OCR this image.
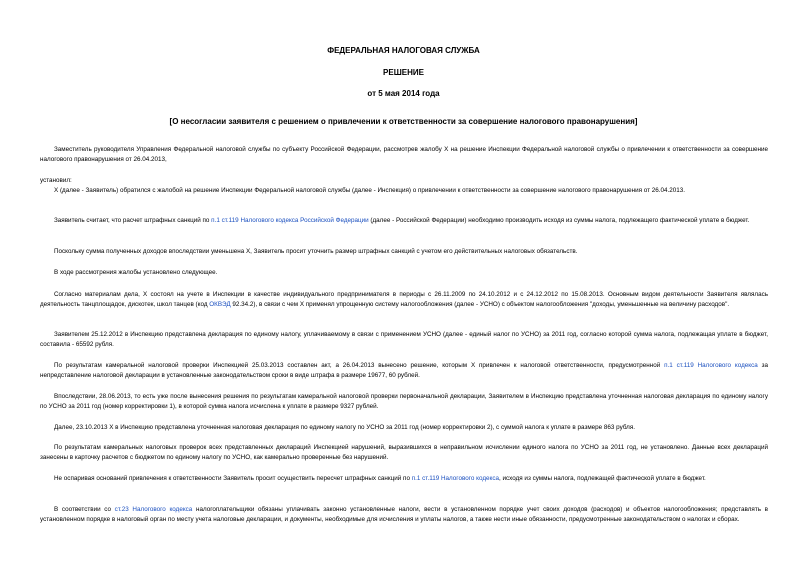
ФЕДЕРАЛЬНАЯ НАЛОГОВАЯ СЛУЖБА
РЕШЕНИЕ
от 5 мая 2014 года
[О несогласии заявителя с решением о привлечении к ответственности за совершение налогового правонарушения]

Заместитель руководителя Управления Федеральной налоговой службы по субъекту Российской Федерации, рассмотрев жалобу Х на решение Инспекции Федеральной налоговой службы о привлечении к ответственности за совершение налогового правонарушения от 26.04.2013,

установил:

Х (далее - Заявитель) обратился с жалобой на решение Инспекции Федеральной налоговой службы (далее - Инспекция) о привлечении к ответственности за совершение налогового правонарушения от 26.04.2013.

Заявитель считает, что расчет штрафных санкций по п.1 ст.119 Налогового кодекса Российской Федерации (далее - Российской Федерации) необходимо производить исходя из суммы налога, подлежащего фактической уплате в бюджет.

Поскольку сумма полученных доходов впоследствии уменьшена Х, Заявитель просит уточнить размер штрафных санкций с учетом его действительных налоговых обязательств.

В ходе рассмотрения жалобы установлено следующее.

Согласно материалам дела, Х состоял на учете в Инспекции в качестве индивидуального предпринимателя в периоды с 26.11.2009 по 24.10.2012 и с 24.12.2012 по 15.08.2013. Основным видом деятельности Заявителя являлась деятельность танцплощадок, дискотек, школ танцев (код ОКВЭД 92.34.2), в связи с чем Х применял упрощенную систему налогообложения (далее - УСНО) с объектом налогообложения "доходы, уменьшенные на величину расходов".

Заявителем 25.12.2012 в Инспекцию представлена декларация по единому налогу, уплачиваемому в связи с применением УСНО (далее - единый налог по УСНО) за 2011 год, согласно которой сумма налога, подлежащая уплате в бюджет, составила - 65592 рубля.

По результатам камеральной налоговой проверки Инспекцией 25.03.2013 составлен акт, а 26.04.2013 вынесено решение, которым Х привлечен к налоговой ответственности, предусмотренной п.1 ст.119 Налогового кодекса за непредставление налоговой декларации в установленные законодательством сроки в виде штрафа в размере 19677, 60 рублей.

Впоследствии, 28.06.2013, то есть уже после вынесения решения по результатам камеральной налоговой проверки первоначальной декларации, Заявителем в Инспекцию представлена уточненная налоговая декларация по единому налогу по УСНО за 2011 год (номер корректировки 1), в которой сумма налога исчислена к уплате в размере 9327 рублей.

Далее, 23.10.2013 Х в Инспекцию представлена уточненная налоговая декларация по единому налогу по УСНО за 2011 год (номер корректировки 2), с суммой налога к уплате в размере 863 рубля.

По результатам камеральных налоговых проверок всех представленных деклараций Инспекцией нарушений, выразившихся в неправильном исчислении единого налога по УСНО за 2011 год, не установлено. Данные всех деклараций занесены в карточку расчетов с бюджетом по единому налогу по УСНО, как камерально проверенные без нарушений.

Не оспаривая оснований привлечения к ответственности Заявитель просит осуществить пересчет штрафных санкций по п.1 ст.119 Налогового кодекса, исходя из суммы налога, подлежащей фактической уплате в бюджет.

В соответствии со ст.23 Налогового кодекса налогоплательщики обязаны уплачивать законно установленные налоги, вести в установленном порядке учет своих доходов (расходов) и объектов налогообложения; представлять в установленном порядке в налоговый орган по месту учета налоговые декларации, и документы, необходимые для исчисления и уплаты налогов, а также нести иные обязанности, предусмотренные законодательством о налогах и сборах.
